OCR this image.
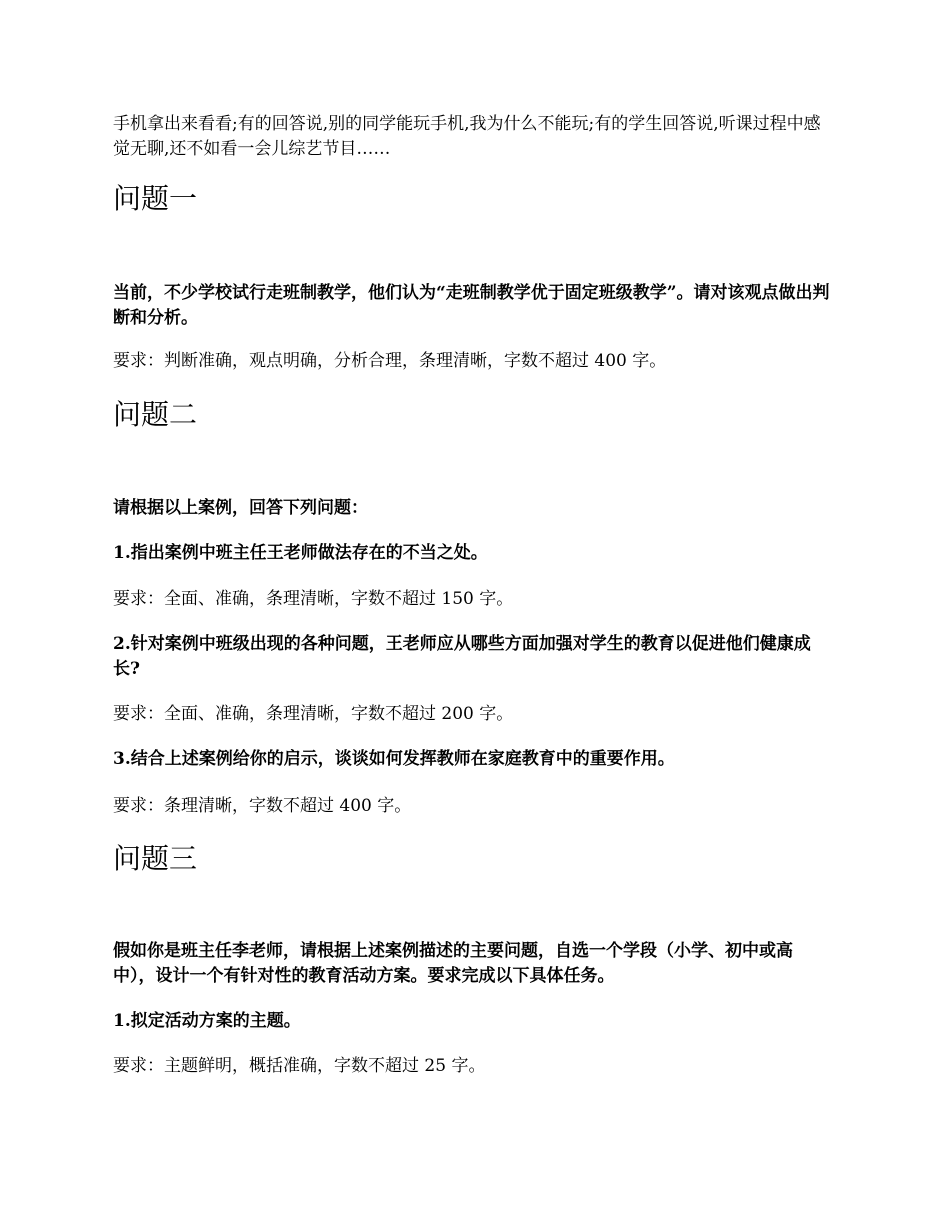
手机拿出来看看;有的回答说,别的同学能玩手机,我为什么不能玩;有的学生回答说,听课过程中感觉无聊,还不如看一会儿综艺节目……

问题一

当前，不少学校试行走班制教学，他们认为“走班制教学优于固定班级教学”。请对该观点做出判断和分析。

要求：判断准确，观点明确，分析合理，条理清晰，字数不超过 400 字。

问题二

请根据以上案例，回答下列问题：

1.指出案例中班主任王老师做法存在的不当之处。

要求：全面、准确，条理清晰，字数不超过 150 字。

2.针对案例中班级出现的各种问题，王老师应从哪些方面加强对学生的教育以促进他们健康成长?

要求：全面、准确，条理清晰，字数不超过 200 字。

3.结合上述案例给你的启示，谈谈如何发挥教师在家庭教育中的重要作用。

要求：条理清晰，字数不超过 400 字。

问题三

假如你是班主任李老师，请根据上述案例描述的主要问题，自选一个学段（小学、初中或高中），设计一个有针对性的教育活动方案。要求完成以下具体任务。

1.拟定活动方案的主题。

要求：主题鲜明，概括准确，字数不超过 25 字。
